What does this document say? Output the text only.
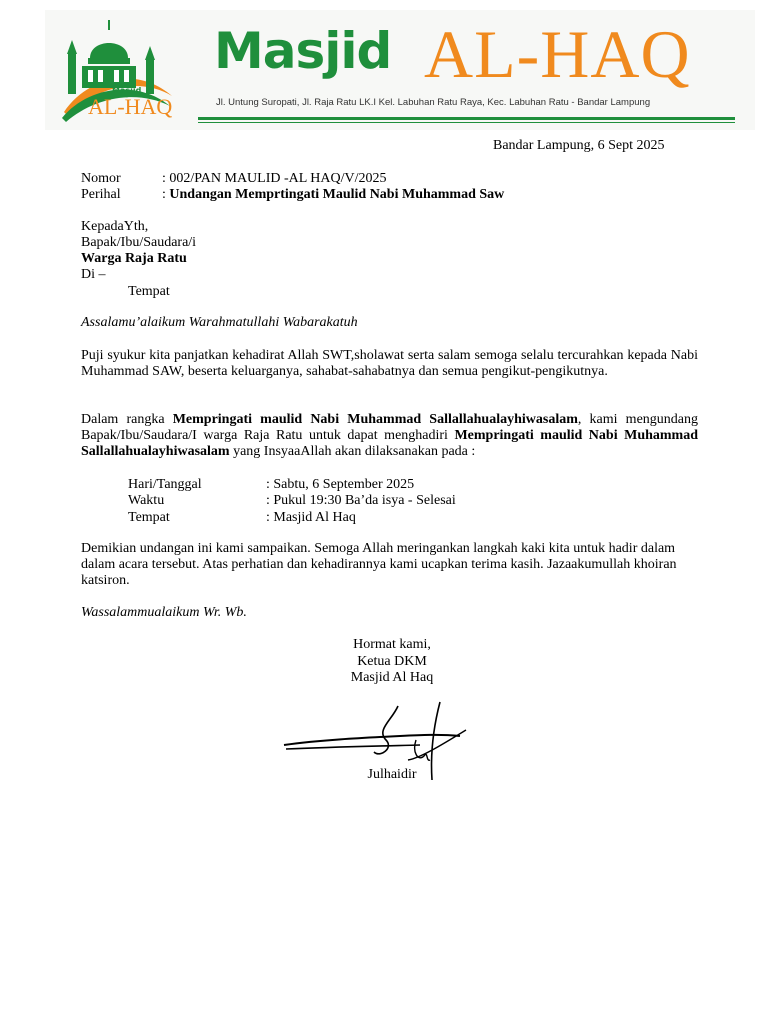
Masjid
AL-HAQ
Masjid AL-HAQ
Jl. Untung Suropati, Jl. Raja Ratu LK.I Kel. Labuhan Ratu Raya, Kec. Labuhan Ratu - Bandar Lampung
Bandar Lampung, 6 Sept 2025
Nomor	: 002/PAN MAULID -AL HAQ/V/2025
Perihal	: Undangan Memprtingati Maulid Nabi Muhammad Saw
KepadaYth,
Bapak/Ibu/Saudara/i
Warga Raja Ratu
Di –
Tempat
Assalamu’alaikum Warahmatullahi Wabarakatuh
Puji syukur kita panjatkan kehadirat Allah SWT,sholawat serta salam semoga selalu tercurahkan kepada Nabi Muhammad SAW, beserta keluarganya, sahabat-sahabatnya dan semua pengikut-pengikutnya.
Dalam rangka Mempringati maulid Nabi Muhammad Sallallahualayhiwasalam, kami mengundang Bapak/Ibu/Saudara/I warga Raja Ratu untuk dapat menghadiri Mempringati maulid Nabi Muhammad Sallallahualayhiwasalam yang InsyaaAllah akan dilaksanakan pada :
Hari/Tanggal	: Sabtu, 6 September 2025
Waktu	: Pukul 19:30 Ba’da isya - Selesai
Tempat	: Masjid Al Haq
Demikian undangan ini kami sampaikan. Semoga Allah meringankan langkah kaki kita untuk hadir dalam dalam acara tersebut. Atas perhatian dan kehadirannya kami ucapkan terima kasih. Jazaakumullah khoiran katsiron.
Wassalammualaikum Wr. Wb.
Hormat kami,
Ketua DKM
Masjid Al Haq
Julhaidir
